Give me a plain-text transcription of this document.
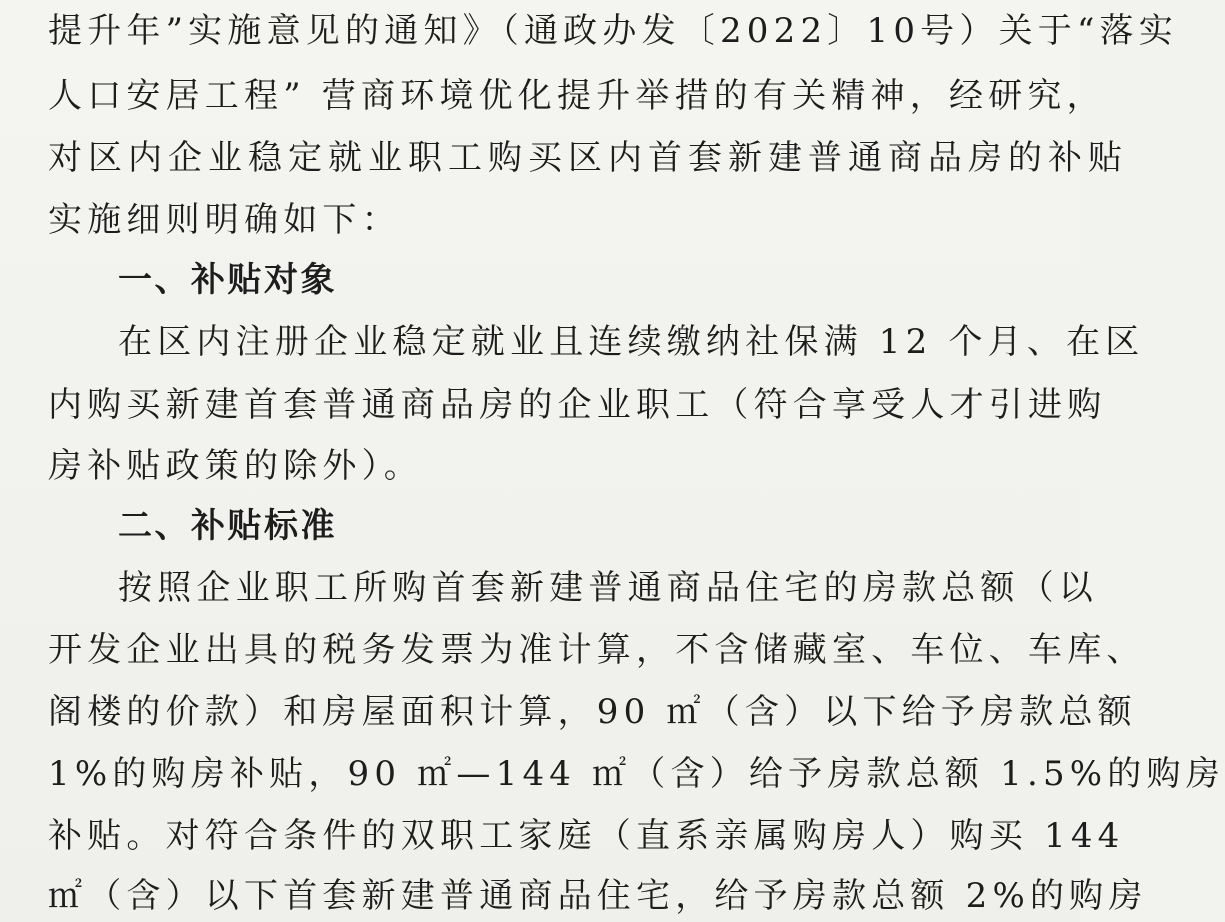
提升年”实施意见的通知》（通政办发〔2022〕10号）关于“落实
人口安居工程” 营商环境优化提升举措的有关精神，经研究，
对区内企业稳定就业职工购买区内首套新建普通商品房的补贴
实施细则明确如下：
一、补贴对象
在区内注册企业稳定就业且连续缴纳社保满 12 个月、在区
内购买新建首套普通商品房的企业职工（符合享受人才引进购
房补贴政策的除外）。
二、补贴标准
按照企业职工所购首套新建普通商品住宅的房款总额（以
开发企业出具的税务发票为准计算，不含储藏室、车位、车库、
阁楼的价款）和房屋面积计算，90 ㎡（含）以下给予房款总额
1%的购房补贴，90 ㎡—144 ㎡（含）给予房款总额 1.5%的购房
补贴。对符合条件的双职工家庭（直系亲属购房人）购买 144
㎡（含）以下首套新建普通商品住宅，给予房款总额 2%的购房
